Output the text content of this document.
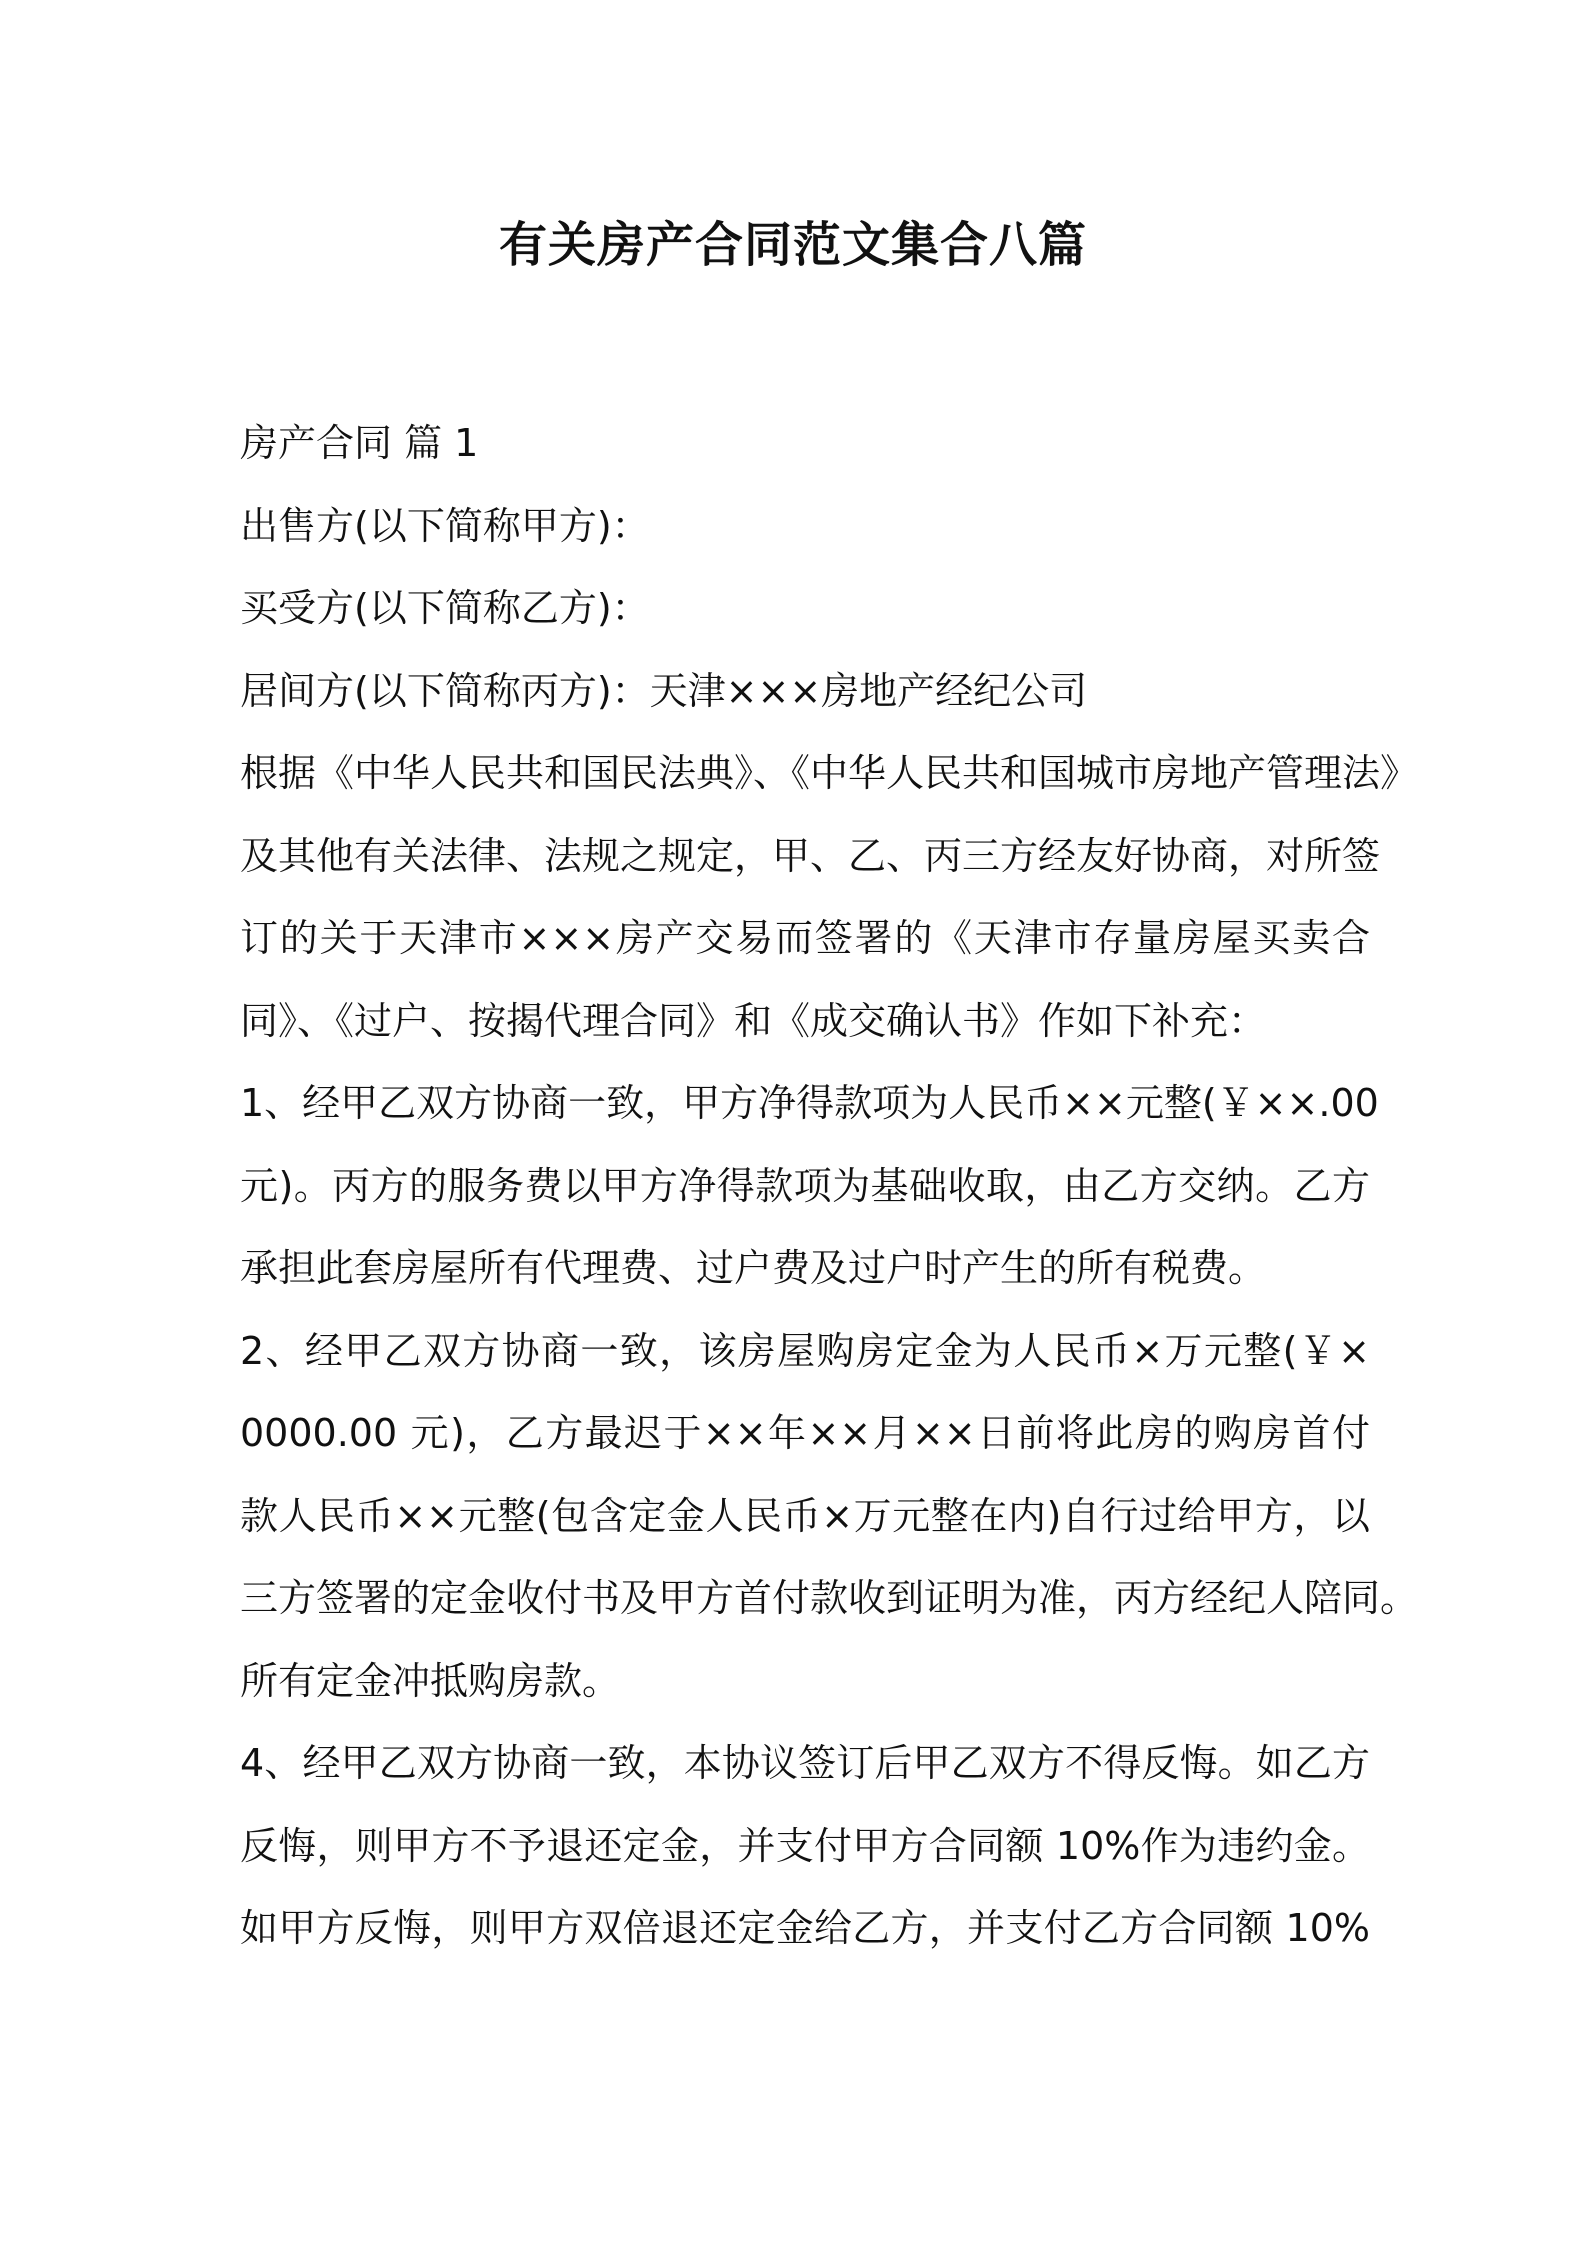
有关房产合同范文集合八篇
房产合同 篇 1
出售方(以下简称甲方)：
买受方(以下简称乙方)：
居间方(以下简称丙方)：天津×××房地产经纪公司
根据《中华人民共和国民法典》、《中华人民共和国城市房地产管理法》
及其他有关法律、法规之规定，甲、乙、丙三方经友好协商，对所签
订的关于天津市×××房产交易而签署的《天津市存量房屋买卖合
同》、《过户、按揭代理合同》和《成交确认书》作如下补充：
1、经甲乙双方协商一致，甲方净得款项为人民币××元整(￥××.00
元)。丙方的服务费以甲方净得款项为基础收取，由乙方交纳。乙方
承担此套房屋所有代理费、过户费及过户时产生的所有税费。
2、经甲乙双方协商一致，该房屋购房定金为人民币×万元整(￥×
0000.00 元)，乙方最迟于××年××月××日前将此房的购房首付
款人民币××元整(包含定金人民币×万元整在内)自行过给甲方，以
三方签署的定金收付书及甲方首付款收到证明为准，丙方经纪人陪同。
所有定金冲抵购房款。
4、经甲乙双方协商一致，本协议签订后甲乙双方不得反悔。如乙方
反悔，则甲方不予退还定金，并支付甲方合同额 10%作为违约金。
如甲方反悔，则甲方双倍退还定金给乙方，并支付乙方合同额 10%
